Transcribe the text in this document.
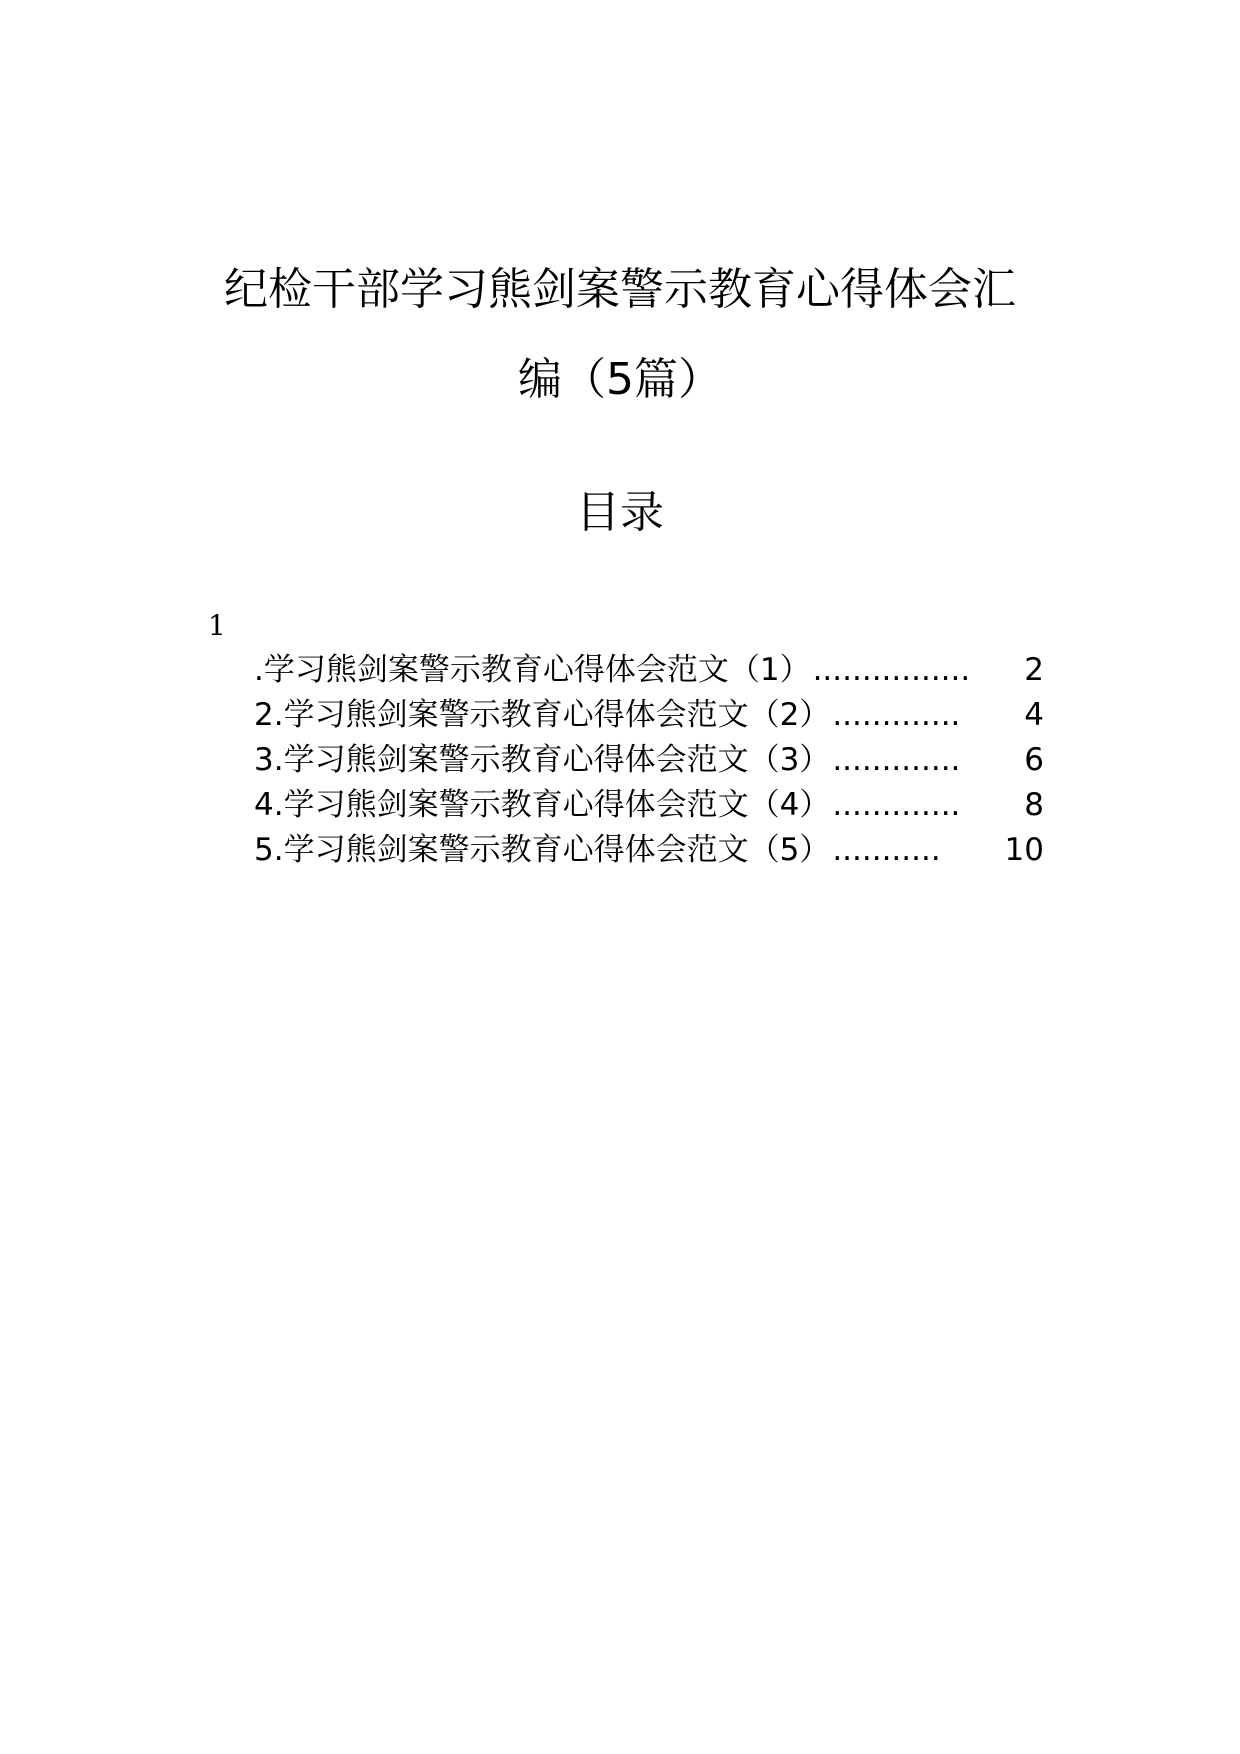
纪检干部学习熊剑案警示教育心得体会汇
编（5篇）
目录
1
.学习熊剑案警示教育心得体会范文（1） ................	2
2.学习熊剑案警示教育心得体会范文（2） .............	4
3.学习熊剑案警示教育心得体会范文（3） .............	6
4.学习熊剑案警示教育心得体会范文（4） .............	8
5.学习熊剑案警示教育心得体会范文（5） ...........	10
